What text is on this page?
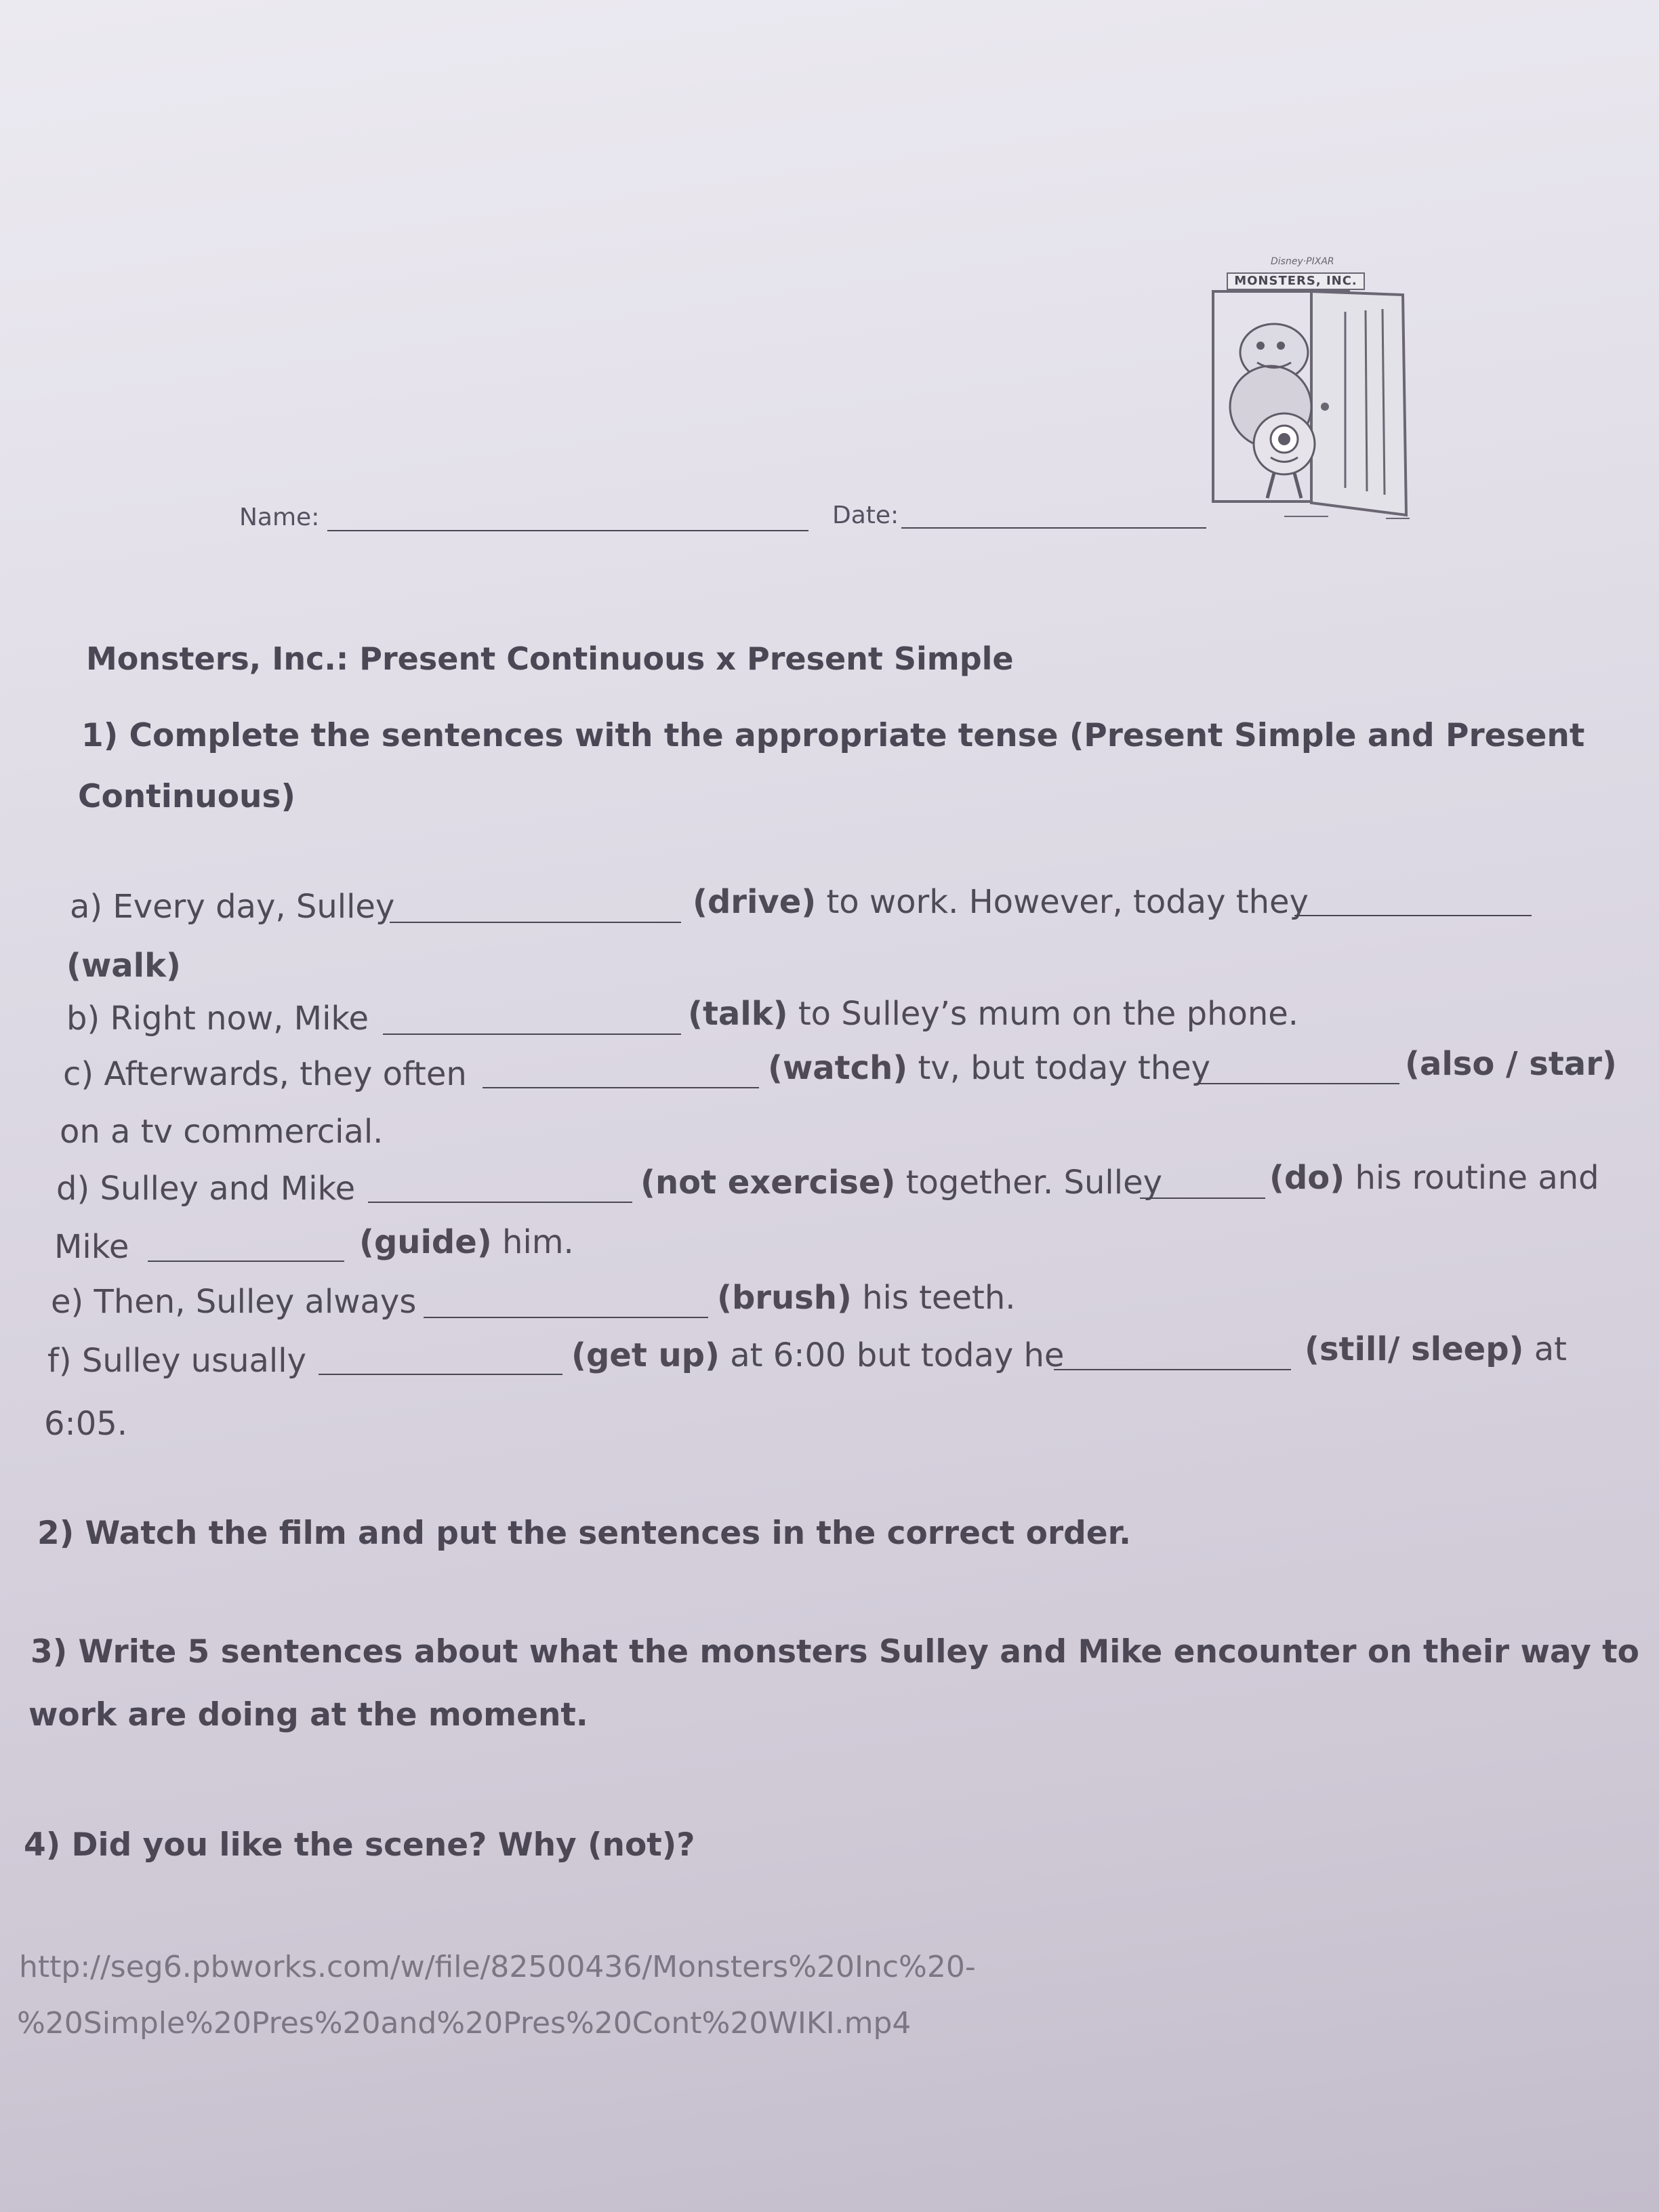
Disney·PIXAR
MONSTERS, INC.
Name:	Date:
Monsters, Inc.: Present Continuous x Present Simple
1) Complete the sentences with the appropriate tense (Present Simple and Present
Continuous)
a) Every day, Sulley	(drive) to work. However, today they
(walk)
b) Right now, Mike	(talk) to Sulley’s mum on the phone.
c) Afterwards, they often	(watch) tv, but today they	(also / star)
on a tv commercial.
d) Sulley and Mike	(not exercise) together. Sulley	(do) his routine and
Mike	(guide) him.
e) Then, Sulley always	(brush) his teeth.
f) Sulley usually	(get up) at 6:00 but today he	(still/ sleep) at
6:05.
2) Watch the film and put the sentences in the correct order.
3) Write 5 sentences about what the monsters Sulley and Mike encounter on their way to
work are doing at the moment.
4) Did you like the scene? Why (not)?
http://seg6.pbworks.com/w/file/82500436/Monsters%20Inc%20-
%20Simple%20Pres%20and%20Pres%20Cont%20WIKI.mp4
